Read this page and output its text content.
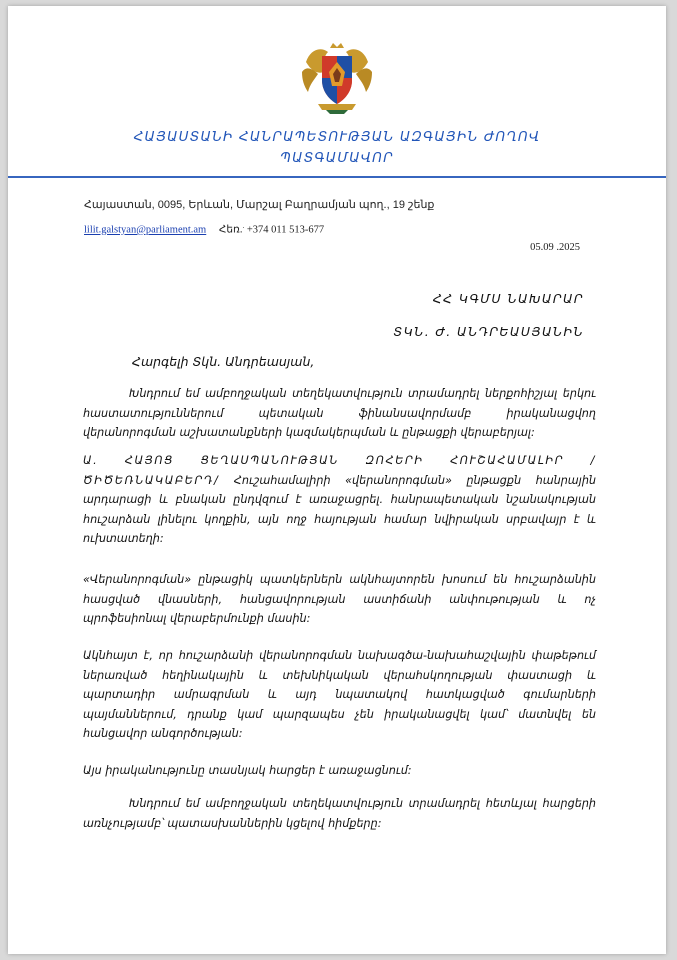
ՀԱՅԱՍՏԱՆԻ ՀԱՆՐԱՊԵՏՈՒԹՅԱՆ ԱԶԳԱՅԻՆ ԺՈՂՈՎ
ՊԱՏԳԱՄԱՎՈՐ
Հայաստան, 0095, Երևան, Մարշալ Բաղրամյան պող., 19 շենք
lilit.galstyan@parliament.am Հեռ.. +374 011 513-677
05.09 .2025
ՀՀ ԿԳՄՍ ՆԱԽԱՐԱՐ
ՏԿՆ. Ժ. ԱՆԴՐԵԱՍՅԱՆԻՆ
Հարգելի Տկն. Անդրեասյան,

Խնդրում եմ ամբողջական տեղեկատվություն տրամադրել ներքոհիշյալ երկու հաստատություններում պետական ֆինանսավորմամբ իրականացվող վերանորոգման աշխատանքների կազմակերպման և ընթացքի վերաբերյալ:

Ա. ՀԱՅՈՑ ՑԵՂԱՍՊԱՆՈՒԹՅԱՆ ԶՈՀԵՐԻ ՀՈՒՇԱՀԱՄԱԼԻՐ /ԾԻԾԵՌՆԱԿԱԲԵՐԴ/ Հուշահամալիրի «վերանորոգման» ընթացքն հանրային արդարացի և բնական ընդվզում է առաջացրել. հանրապետական նշանակության հուշարձան լինելու կողքին, այն ողջ հայության համար նվիրական սրբավայր է և ուխտատեղի:

«Վերանորոգման» ընթացիկ պատկերներն ակնհայտորեն խոսում են հուշարձանին հասցված վնասների, հանցավորության աստիճանի անփութության և ոչ պրոֆեսիոնալ վերաբերմունքի մասին:

Ակնհայտ է, որ հուշարձանի վերանորոգման նախագծա-նախահաշվային փաթեթում ներառված հեղինակային և տեխնիկական վերահսկողության փաստացի և պարտադիր ամրագրման և այդ նպատակով հատկացված գումարների պայմաններում, դրանք կամ պարզապես չեն իրականացվել կամ՝ մատնվել են հանցավոր անգործության:

Այս իրականությունը տասնյակ հարցեր է առաջացնում:

Խնդրում եմ ամբողջական տեղեկատվություն տրամադրել հետևյալ հարցերի առնչությամբ՝ պատասխաններին կցելով հիմքերը:
